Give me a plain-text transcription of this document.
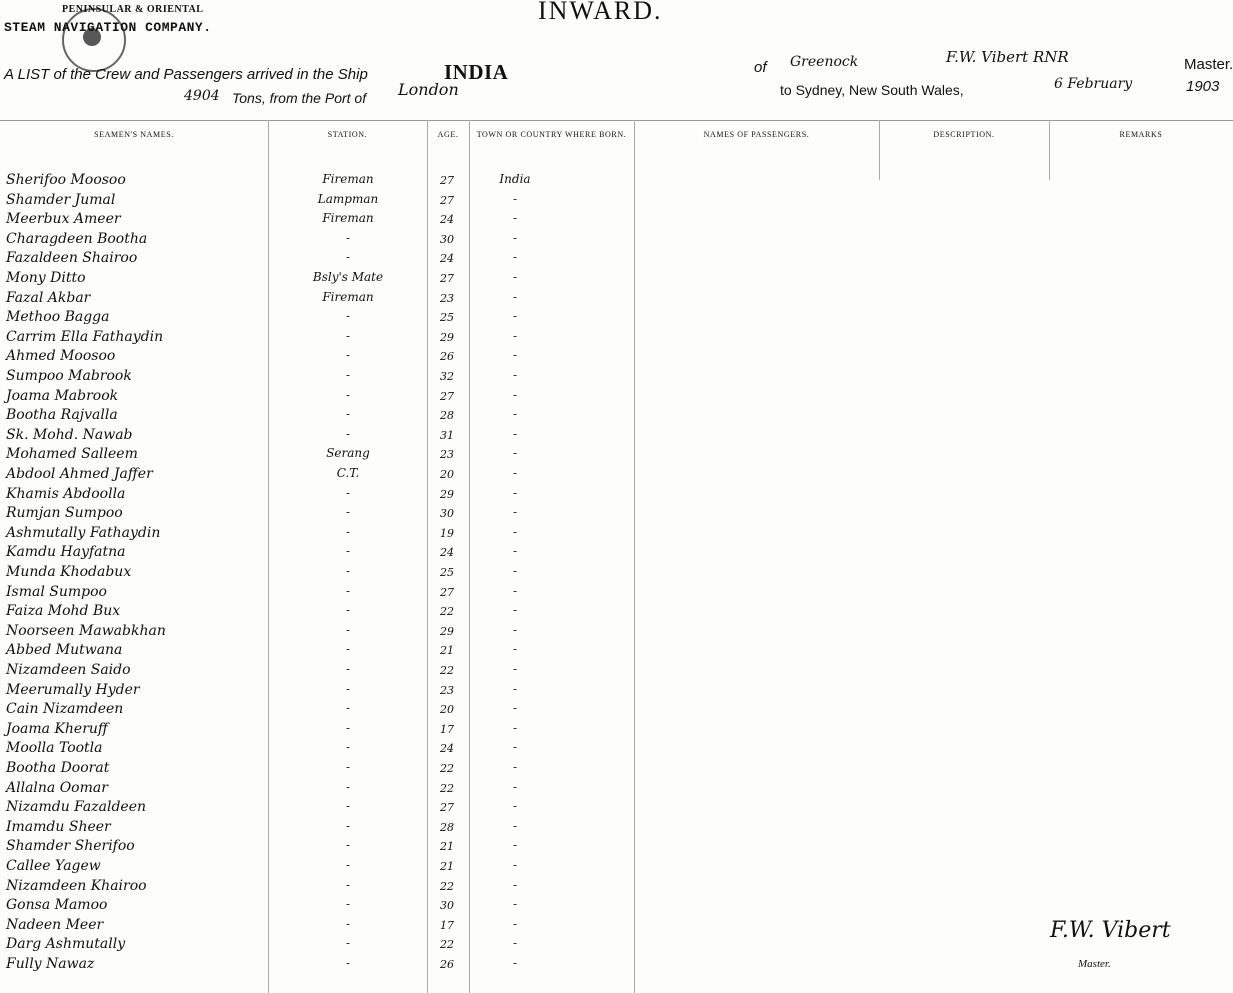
PENINSULAR & ORIENTAL
STEAM NAVIGATION COMPANY.
INWARD.
A LIST of the Crew and Passengers arrived in the Ship	INDIA	of Greenock	F.W. Vibert RNR	Master.
4904 Tons, from the Port of London	to Sydney, New South Wales,	6 February	1903
SEAMEN'S NAMES.	STATION.	AGE.	TOWN OR COUNTRY WHERE BORN.	NAMES OF PASSENGERS.	DESCRIPTION.	REMARKS
Sherifoo Moosoo	Fireman	27	India
Shamder Jumal	Lampman	27	-
Meerbux Ameer	Fireman	24	-
Charagdeen Bootha	-	30	-
Fazaldeen Shairoo	-	24	-
Mony Ditto	Bsly's Mate	27	-
Fazal Akbar	Fireman	23	-
Methoo Bagga	-	25	-
Carrim Ella Fathaydin	-	29	-
Ahmed Moosoo	-	26	-
Sumpoo Mabrook	-	32	-
Joama Mabrook	-	27	-
Bootha Rajvalla	-	28	-
Sk. Mohd. Nawab	-	31	-
Mohamed Salleem	Serang	23	-
Abdool Ahmed Jaffer	C.T.	20	-
Khamis Abdoolla	-	29	-
Rumjan Sumpoo	-	30	-
Ashmutally Fathaydin	-	19	-
Kamdu Hayfatna	-	24	-
Munda Khodabux	-	25	-
Ismal Sumpoo	-	27	-
Faiza Mohd Bux	-	22	-
Noorseen Mawabkhan	-	29	-
Abbed Mutwana	-	21	-
Nizamdeen Saido	-	22	-
Meerumally Hyder	-	23	-
Cain Nizamdeen	-	20	-
Joama Kheruff	-	17	-
Moolla Tootla	-	24	-
Bootha Doorat	-	22	-
Allalna Oomar	-	22	-
Nizamdu Fazaldeen	-	27	-
Imamdu Sheer	-	28	-
Shamder Sherifoo	-	21	-
Callee Yagew	-	21	-
Nizamdeen Khairoo	-	22	-
Gonsa Mamoo	-	30	-
Nadeen Meer	-	17	-
Darg Ashmutally	-	22	-
Fully Nawaz	-	26	-
F.W. Vibert
Master.
